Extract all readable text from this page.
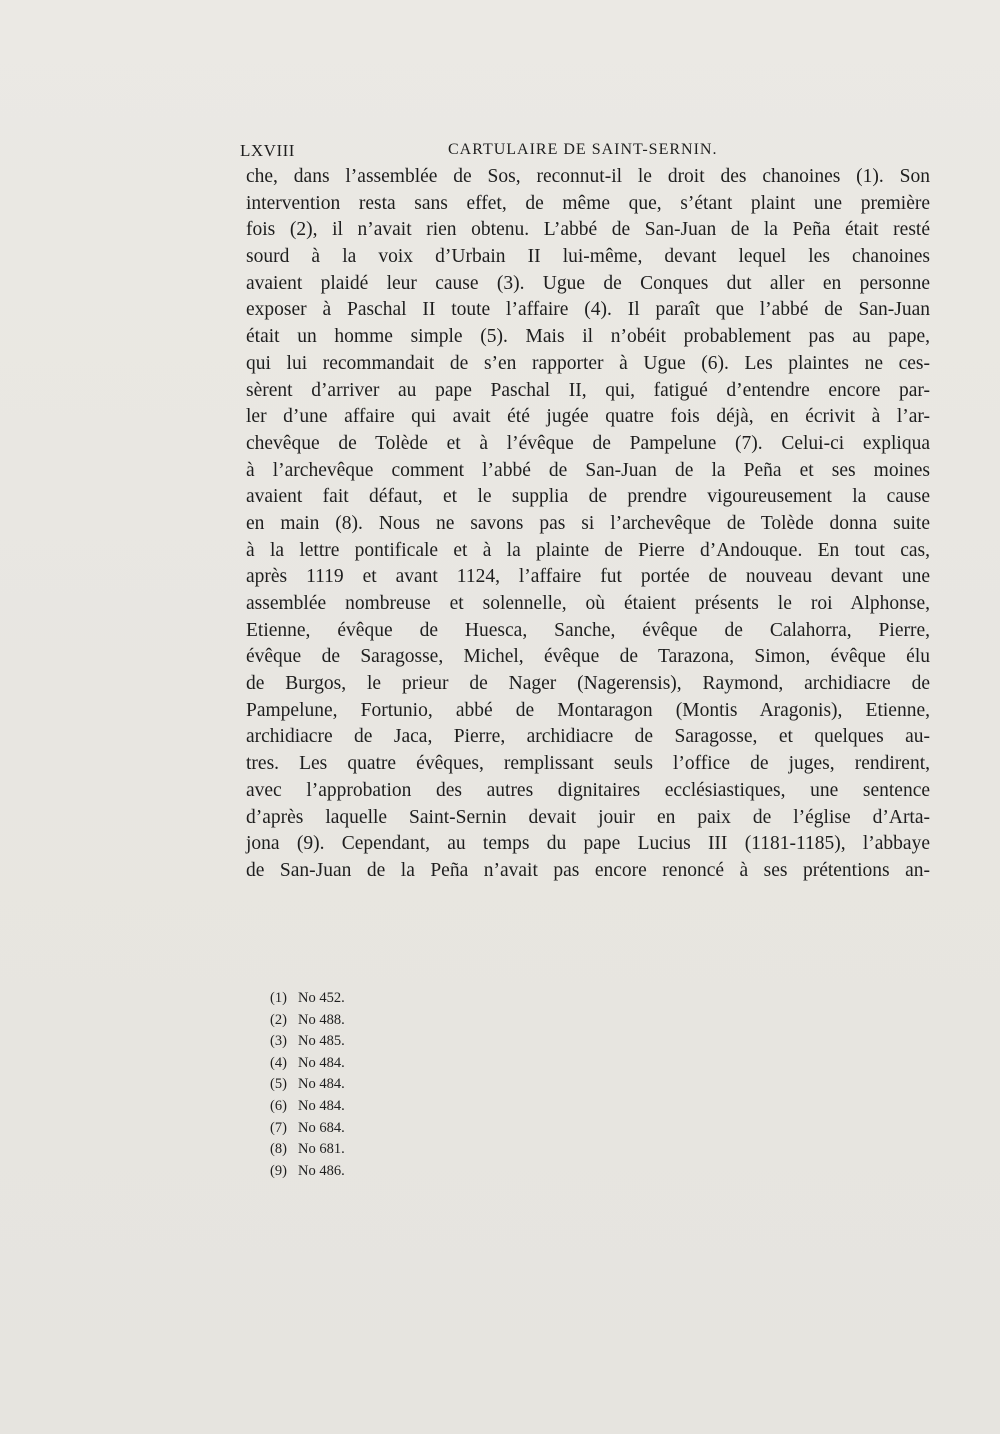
LXVIII	CARTULAIRE DE SAINT-SERNIN.
che, dans l’assemblée de Sos, reconnut-il le droit des chanoines (1). Son
intervention resta sans effet, de même que, s’étant plaint une première
fois (2), il n’avait rien obtenu. L’abbé de San-Juan de la Peña était resté
sourd à la voix d’Urbain II lui-même, devant lequel les chanoines
avaient plaidé leur cause (3). Ugue de Conques dut aller en personne
exposer à Paschal II toute l’affaire (4). Il paraît que l’abbé de San-Juan
était un homme simple (5). Mais il n’obéit probablement pas au pape,
qui lui recommandait de s’en rapporter à Ugue (6). Les plaintes ne ces-
sèrent d’arriver au pape Paschal II, qui, fatigué d’entendre encore par-
ler d’une affaire qui avait été jugée quatre fois déjà, en écrivit à l’ar-
chevêque de Tolède et à l’évêque de Pampelune (7). Celui-ci expliqua
à l’archevêque comment l’abbé de San-Juan de la Peña et ses moines
avaient fait défaut, et le supplia de prendre vigoureusement la cause
en main (8). Nous ne savons pas si l’archevêque de Tolède donna suite
à la lettre pontificale et à la plainte de Pierre d’Andouque. En tout cas,
après 1119 et avant 1124, l’affaire fut portée de nouveau devant une
assemblée nombreuse et solennelle, où étaient présents le roi Alphonse,
Etienne, évêque de Huesca, Sanche, évêque de Calahorra, Pierre,
évêque de Saragosse, Michel, évêque de Tarazona, Simon, évêque élu
de Burgos, le prieur de Nager (Nagerensis), Raymond, archidiacre de
Pampelune, Fortunio, abbé de Montaragon (Montis Aragonis), Etienne,
archidiacre de Jaca, Pierre, archidiacre de Saragosse, et quelques au-
tres. Les quatre évêques, remplissant seuls l’office de juges, rendirent,
avec l’approbation des autres dignitaires ecclésiastiques, une sentence
d’après laquelle Saint-Sernin devait jouir en paix de l’église d’Arta-
jona (9). Cependant, au temps du pape Lucius III (1181-1185), l’abbaye
de San-Juan de la Peña n’avait pas encore renoncé à ses prétentions an-
(1) No 452.
(2) No 488.
(3) No 485.
(4) No 484.
(5) No 484.
(6) No 484.
(7) No 684.
(8) No 681.
(9) No 486.
